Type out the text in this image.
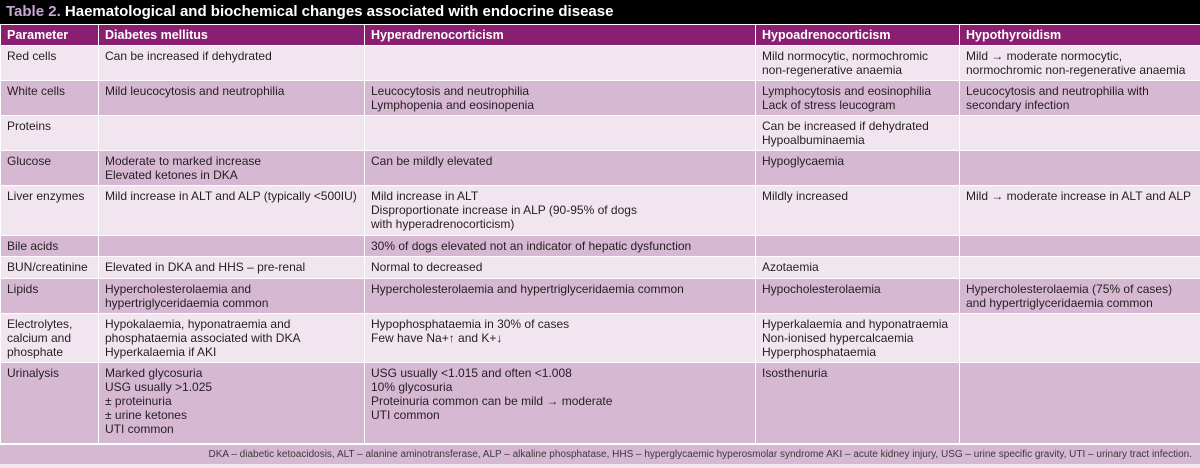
Table 2. Haematological and biochemical changes associated with endocrine disease
Parameter	Diabetes mellitus	Hyperadrenocorticism	Hypoadrenocorticism	Hypothyroidism

Red cells	Can be increased if dehydrated		Mild normocytic, normochromic
non-regenerative anaemia	Mild → moderate normocytic,
normochromic non-regenerative anaemia

White cells	Mild leucocytosis and neutrophilia	Leucocytosis and neutrophilia
Lymphopenia and eosinopenia	Lymphocytosis and eosinophilia
Lack of stress leucogram	Leucocytosis and neutrophilia with
secondary infection

Proteins			Can be increased if dehydrated
Hypoalbuminaemia	

Glucose	Moderate to marked increase
Elevated ketones in DKA	Can be mildly elevated	Hypoglycaemia	

Liver enzymes	Mild increase in ALT and ALP (typically <500IU)	Mild increase in ALT
Disproportionate increase in ALP (90-95% of dogs
with hyperadrenocorticism)	Mildly increased	Mild → moderate increase in ALT and ALP

Bile acids		30% of dogs elevated not an indicator of hepatic dysfunction		

BUN/creatinine	Elevated in DKA and HHS – pre-renal	Normal to decreased	Azotaemia	

Lipids	Hypercholesterolaemia and
hypertriglyceridaemia common	Hypercholesterolaemia and hypertriglyceridaemia common	Hypocholesterolaemia	Hypercholesterolaemia (75% of cases)
and hypertriglyceridaemia common

Electrolytes,
calcium and
phosphate	Hypokalaemia, hyponatraemia and
phosphataemia associated with DKA
Hyperkalaemia if AKI	Hypophosphataemia in 30% of cases
Few have Na+↑ and K+↓	Hyperkalaemia and hyponatraemia
Non-ionised hypercalcaemia
Hyperphosphataemia	

Urinalysis	Marked glycosuria
USG usually >1.025
± proteinuria
± urine ketones
UTI common	USG usually <1.015 and often <1.008
10% glycosuria
Proteinuria common can be mild → moderate
UTI common	Isosthenuria	

DKA – diabetic ketoacidosis, ALT – alanine aminotransferase, ALP – alkaline phosphatase, HHS – hyperglycaemic hyperosmolar syndrome AKI – acute kidney injury, USG – urine specific gravity, UTI – urinary tract infection.
